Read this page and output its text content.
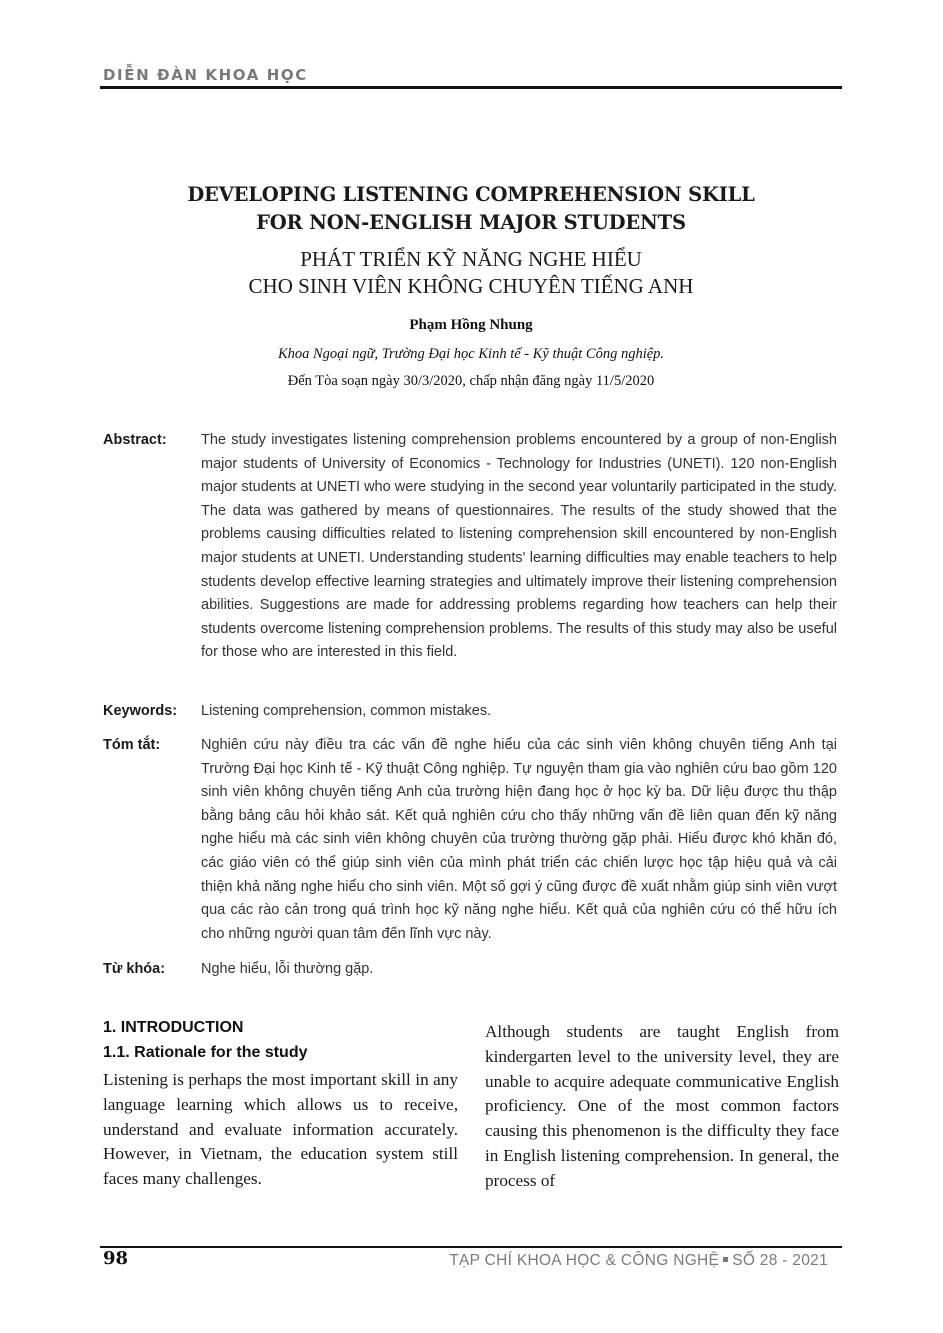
DIỄN ĐÀN KHOA HỌC
DEVELOPING LISTENING COMPREHENSION SKILL
FOR NON-ENGLISH MAJOR STUDENTS
PHÁT TRIỂN KỸ NĂNG NGHE HIỂU
CHO SINH VIÊN KHÔNG CHUYÊN TIẾNG ANH
Phạm Hồng Nhung
Khoa Ngoại ngữ, Trường Đại học Kinh tế - Kỹ thuật Công nghiệp.
Đến Tòa soạn ngày 30/3/2020, chấp nhận đăng ngày 11/5/2020
Abstract: The study investigates listening comprehension problems encountered by a group of non-English major students of University of Economics - Technology for Industries (UNETI). 120 non-English major students at UNETI who were studying in the second year voluntarily participated in the study. The data was gathered by means of questionnaires. The results of the study showed that the problems causing difficulties related to listening comprehension skill encountered by non-English major students at UNETI. Understanding students' learning difficulties may enable teachers to help students develop effective learning strategies and ultimately improve their listening comprehension abilities. Suggestions are made for addressing problems regarding how teachers can help their students overcome listening comprehension problems. The results of this study may also be useful for those who are interested in this field.
Keywords: Listening comprehension, common mistakes.
Tóm tắt:	Nghiên cứu này điều tra các vấn đề nghe hiểu của các sinh viên không chuyên tiếng Anh tại Trường Đại học Kinh tế - Kỹ thuật Công nghiệp. Tự nguyện tham gia vào nghiên cứu bao gồm 120 sinh viên không chuyên tiếng Anh của trường hiện đang học ở học kỳ ba. Dữ liệu được thu thập bằng bảng câu hỏi khảo sát. Kết quả nghiên cứu cho thấy những vấn đề liên quan đến kỹ năng nghe hiểu mà các sinh viên không chuyên của trường thường gặp phải. Hiểu được khó khăn đó, các giáo viên có thể giúp sinh viên của mình phát triển các chiến lược học tập hiệu quả và cải thiện khả năng nghe hiểu cho sinh viên. Một số gợi ý cũng được đề xuất nhằm giúp sinh viên vượt qua các rào cản trong quá trình học kỹ năng nghe hiểu. Kết quả của nghiên cứu có thể hữu ích cho những người quan tâm đến lĩnh vực này.
Từ khóa: Nghe hiểu, lỗi thường gặp.
1. INTRODUCTION
1.1. Rationale for the study
Listening is perhaps the most important skill in any language learning which allows us to receive, understand and evaluate information accurately. However, in Vietnam, the education system still faces many challenges.
Although students are taught English from kindergarten level to the university level, they are unable to acquire adequate communicative English proficiency. One of the most common factors causing this phenomenon is the difficulty they face in English listening comprehension. In general, the process of
98	TẠP CHÍ KHOA HỌC & CÔNG NGHỆ SỐ 28 - 2021
